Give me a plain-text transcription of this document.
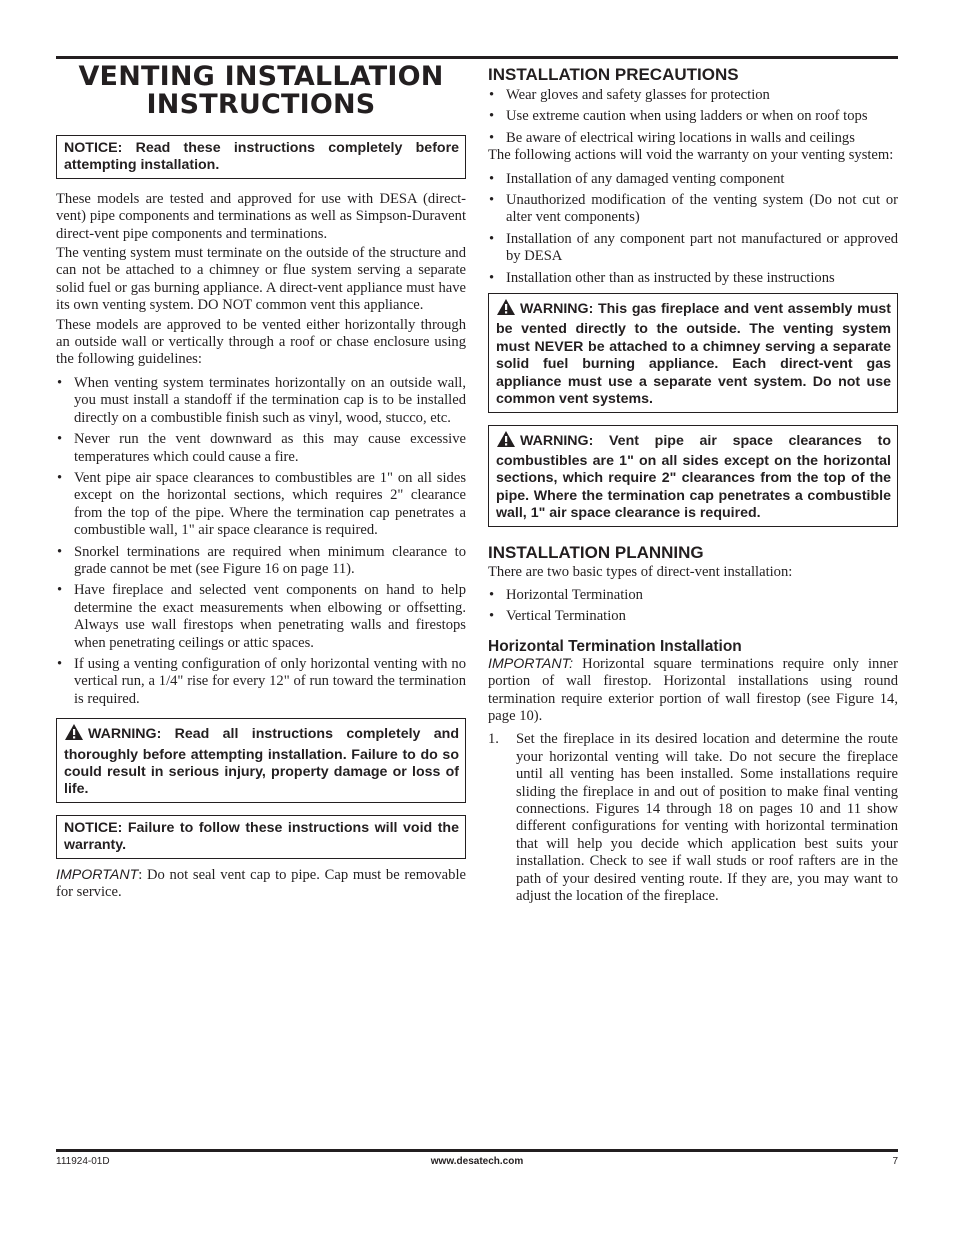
VENTING INSTALLATION INSTRUCTIONS
NOTICE: Read these instructions completely before attempting installation.

These models are tested and approved for use with DESA (direct-vent) pipe components and terminations as well as Simpson-Duravent direct-vent pipe components and terminations.

The venting system must terminate on the outside of the structure and can not be attached to a chimney or flue system serving a separate solid fuel or gas burning appliance. A direct-vent appliance must have its own venting system. DO NOT common vent this appliance.

These models are approved to be vented either horizontally through an outside wall or vertically through a roof or chase enclosure using the following guidelines:

• When venting system terminates horizontally on an outside wall, you must install a standoff if the termination cap is to be installed directly on a combustible finish such as vinyl, wood, stucco, etc.
• Never run the vent downward as this may cause excessive temperatures which could cause a fire.
• Vent pipe air space clearances to combustibles are 1" on all sides except on the horizontal sections, which requires 2" clearance from the top of the pipe. Where the termination cap penetrates a combustible wall, 1" air space clearance is required.
• Snorkel terminations are required when minimum clearance to grade cannot be met (see Figure 16 on page 11).
• Have fireplace and selected vent components on hand to help determine the exact measurements when elbowing or offsetting. Always use wall firestops when penetrating walls and firestops when penetrating ceilings or attic spaces.
• If using a venting configuration of only horizontal venting with no vertical run, a 1/4" rise for every 12" of run toward the termination is required.
WARNING: Read all instructions completely and thoroughly before attempting installation. Failure to do so could result in serious injury, property damage or loss of life.
NOTICE: Failure to follow these instructions will void the warranty.

IMPORTANT: Do not seal vent cap to pipe. Cap must be removable for service.

INSTALLATION PRECAUTIONS
• Wear gloves and safety glasses for protection
• Use extreme caution when using ladders or when on roof tops
• Be aware of electrical wiring locations in walls and ceilings

The following actions will void the warranty on your venting system:

• Installation of any damaged venting component
• Unauthorized modification of the venting system (Do not cut or alter vent components)
• Installation of any component part not manufactured or approved by DESA
• Installation other than as instructed by these instructions
WARNING: This gas fireplace and vent assembly must be vented directly to the outside. The venting system must NEVER be attached to a chimney serving a separate solid fuel burning appliance. Each direct-vent gas appliance must use a separate vent system. Do not use common vent systems.
WARNING: Vent pipe air space clearances to combustibles are 1" on all sides except on the horizontal sections, which require 2" clearances from the top of the pipe. Where the termination cap penetrates a combustible wall, 1" air space clearance is required.
INSTALLATION PLANNING

There are two basic types of direct-vent installation:

• Horizontal Termination
• Vertical Termination
Horizontal Termination Installation

IMPORTANT: Horizontal square terminations require only inner portion of wall firestop. Horizontal installations using round termination require exterior portion of wall firestop (see Figure 14, page 10).

1. Set the fireplace in its desired location and determine the route your horizontal venting will take. Do not secure the fireplace until all venting has been installed. Some installations require sliding the fireplace in and out of position to make final venting connections. Figures 14 through 18 on pages 10 and 11 show different configurations for venting with horizontal termination that will help you decide which application best suits your installation. Check to see if wall studs or roof rafters are in the path of your desired venting route. If they are, you may want to adjust the location of the fireplace.
www.desatech.com
111924-01D	7
